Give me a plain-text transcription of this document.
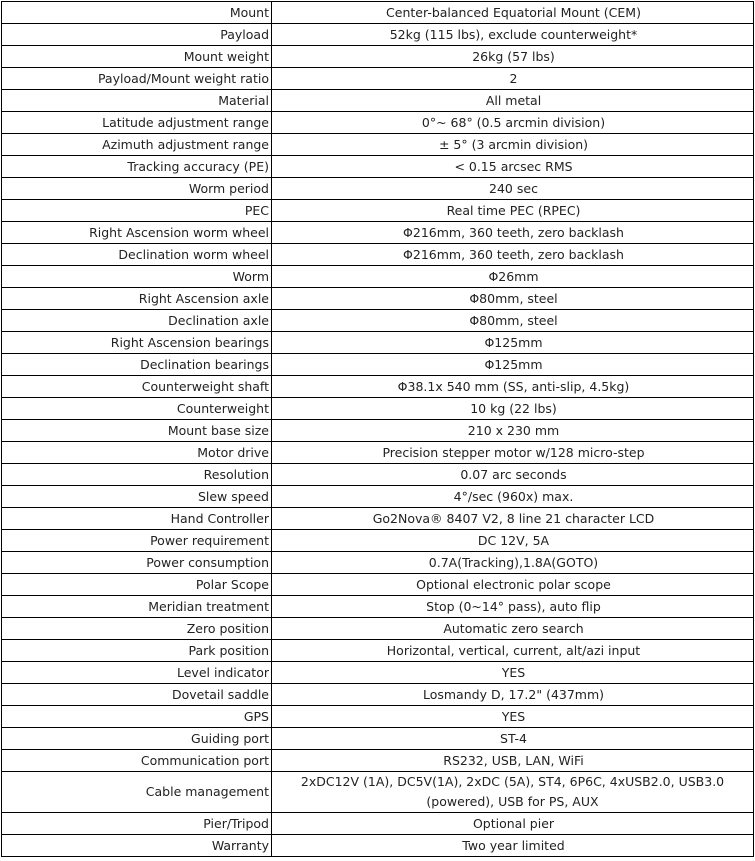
Mount	Center-balanced Equatorial Mount (CEM)
Payload	52kg (115 lbs), exclude counterweight*
Mount weight	26kg (57 lbs)
Payload/Mount weight ratio	2
Material	All metal
Latitude adjustment range	0°~ 68° (0.5 arcmin division)
Azimuth adjustment range	± 5° (3 arcmin division)
Tracking accuracy (PE)	< 0.15 arcsec RMS
Worm period	240 sec
PEC	Real time PEC (RPEC)
Right Ascension worm wheel	Φ216mm, 360 teeth, zero backlash
Declination worm wheel	Φ216mm, 360 teeth, zero backlash
Worm	Φ26mm
Right Ascension axle	Φ80mm, steel
Declination axle	Φ80mm, steel
Right Ascension bearings	Φ125mm
Declination bearings	Φ125mm
Counterweight shaft	Φ38.1x 540 mm (SS, anti-slip, 4.5kg)
Counterweight	10 kg (22 lbs)
Mount base size	210 x 230 mm
Motor drive	Precision stepper motor w/128 micro-step
Resolution	0.07 arc seconds
Slew speed	4°/sec (960x) max.
Hand Controller	Go2Nova® 8407 V2, 8 line 21 character LCD
Power requirement	DC 12V, 5A
Power consumption	0.7A(Tracking),1.8A(GOTO)
Polar Scope	Optional electronic polar scope
Meridian treatment	Stop (0~14° pass), auto flip
Zero position	Automatic zero search
Park position	Horizontal, vertical, current, alt/azi input
Level indicator	YES
Dovetail saddle	Losmandy D, 17.2" (437mm)
GPS	YES
Guiding port	ST-4
Communication port	RS232, USB, LAN, WiFi
Cable management	2xDC12V (1A), DC5V(1A), 2xDC (5A), ST4, 6P6C, 4xUSB2.0, USB3.0 (powered), USB for PS, AUX
Pier/Tripod	Optional pier
Warranty	Two year limited
